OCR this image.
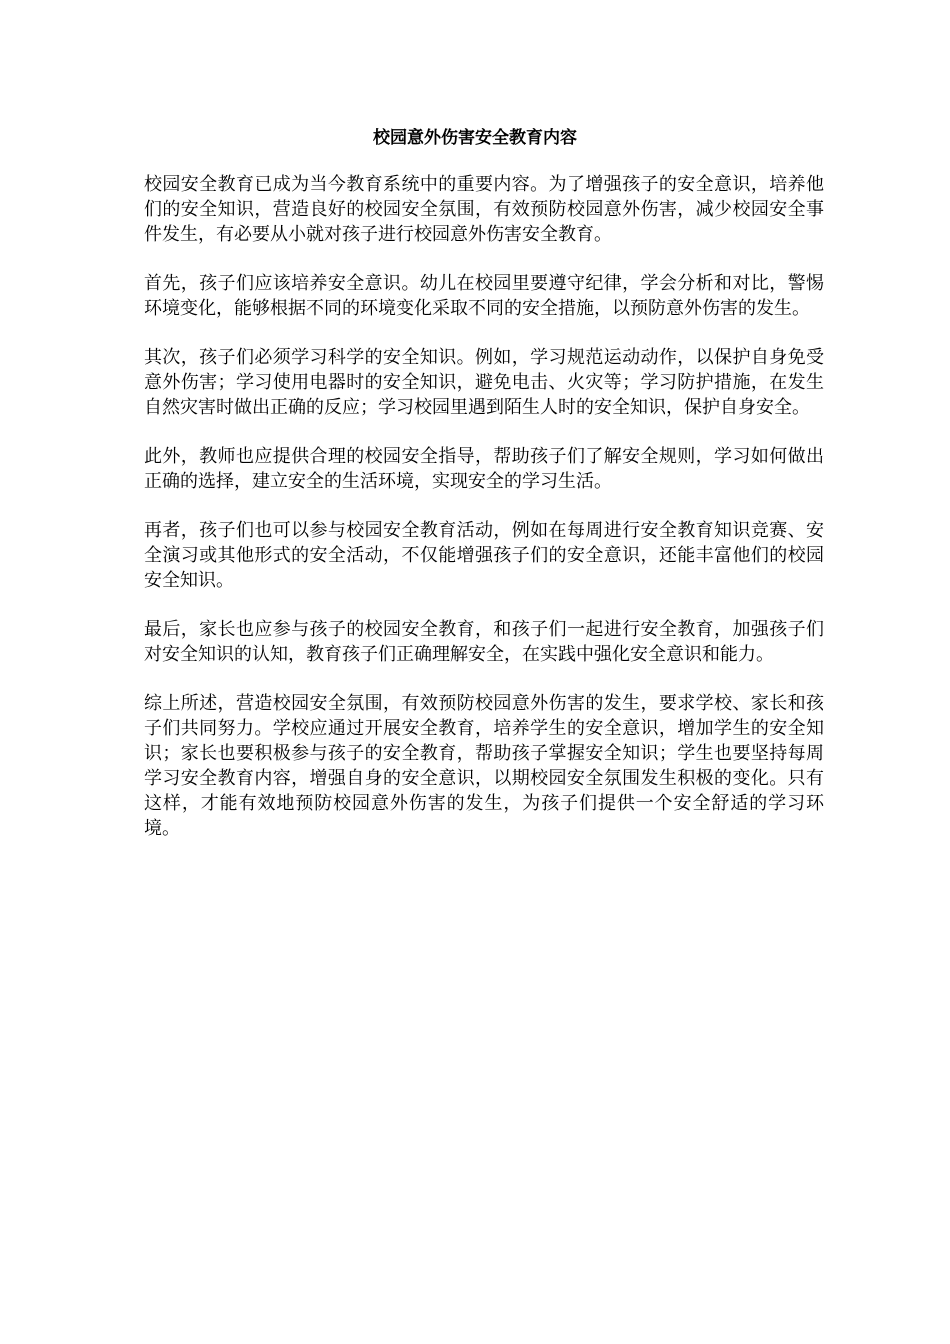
校园意外伤害安全教育内容

校园安全教育已成为当今教育系统中的重要内容。为了增强孩子的安全意识，培养他们的安全知识，营造良好的校园安全氛围，有效预防校园意外伤害，减少校园安全事件发生，有必要从小就对孩子进行校园意外伤害安全教育。

首先，孩子们应该培养安全意识。幼儿在校园里要遵守纪律，学会分析和对比，警惕环境变化，能够根据不同的环境变化采取不同的安全措施，以预防意外伤害的发生。

其次，孩子们必须学习科学的安全知识。例如，学习规范运动动作，以保护自身免受意外伤害；学习使用电器时的安全知识，避免电击、火灾等；学习防护措施，在发生自然灾害时做出正确的反应；学习校园里遇到陌生人时的安全知识，保护自身安全。

此外，教师也应提供合理的校园安全指导，帮助孩子们了解安全规则，学习如何做出正确的选择，建立安全的生活环境，实现安全的学习生活。

再者，孩子们也可以参与校园安全教育活动，例如在每周进行安全教育知识竞赛、安全演习或其他形式的安全活动，不仅能增强孩子们的安全意识，还能丰富他们的校园安全知识。

最后，家长也应参与孩子的校园安全教育，和孩子们一起进行安全教育，加强孩子们对安全知识的认知，教育孩子们正确理解安全，在实践中强化安全意识和能力。

综上所述，营造校园安全氛围，有效预防校园意外伤害的发生，要求学校、家长和孩子们共同努力。学校应通过开展安全教育，培养学生的安全意识，增加学生的安全知识；家长也要积极参与孩子的安全教育，帮助孩子掌握安全知识；学生也要坚持每周学习安全教育内容，增强自身的安全意识，以期校园安全氛围发生积极的变化。只有这样，才能有效地预防校园意外伤害的发生，为孩子们提供一个安全舒适的学习环境。
